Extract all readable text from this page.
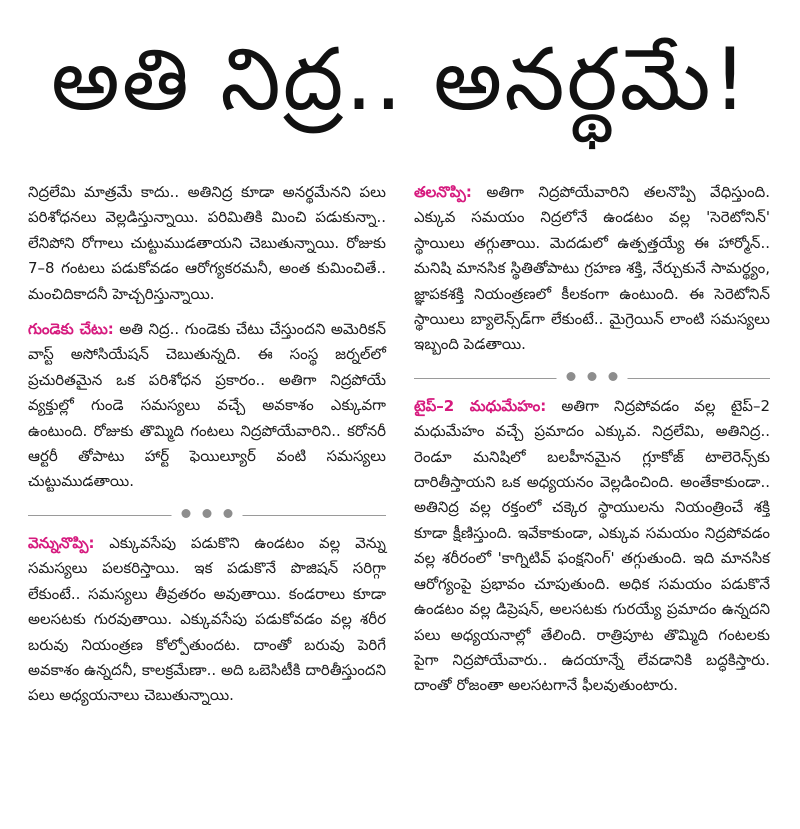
అతి నిద్ర.. అనర్థమే!

నిద్రలేమి మాత్రమే కాదు.. అతినిద్ర కూడా అనర్థమేనని పలు పరిశోధనలు వెల్లడిస్తున్నాయి. పరిమితికి మించి పడుకున్నా.. లేనిపోని రోగాలు చుట్టుముడతాయని చెబుతున్నాయి. రోజుకు 7–8 గంటలు పడుకోవడం ఆరోగ్యకరమనీ, అంత కుమించితే.. మంచిదికాదనీ హెచ్చరిస్తున్నాయి.

గుండెకు చేటు: అతి నిద్ర.. గుండెకు చేటు చేస్తుందని అమెరికన్ వాస్ట్ అసోసియేషన్ చెబుతున్నది. ఈ సంస్థ జర్నల్‌లో ప్రచురితమైన ఒక పరిశోధన ప్రకారం.. అతిగా నిద్రపోయే వ్యక్తుల్లో గుండె సమస్యలు వచ్చే అవకాశం ఎక్కువగా ఉంటుంది. రోజుకు తొమ్మిది గంటలు నిద్రపోయేవారిని.. కరోనరీ ఆర్టరీ తోపాటు హార్ట్ ఫెయిల్యూర్ వంటి సమస్యలు చుట్టుముడతాయి.

వెన్నునొప్పి: ఎక్కువసేపు పడుకొని ఉండటం వల్ల వెన్ను సమస్యలు పలకరిస్తాయి. ఇక పడుకొనే పొజిషన్ సరిగ్గా లేకుంటే.. సమస్యలు తీవ్రతరం అవుతాయి. కండరాలు కూడా అలసటకు గురవుతాయి. ఎక్కువసేపు పడుకోవడం వల్ల శరీర బరువు నియంత్రణ కోల్పోతుందట. దాంతో బరువు పెరిగే అవకాశం ఉన్నదనీ, కాలక్రమేణా.. అది ఒబెసిటీకి దారితీస్తుందని పలు అధ్యయనాలు చెబుతున్నాయి.

తలనొప్పి: అతిగా నిద్రపోయేవారిని తలనొప్పి వేధిస్తుంది. ఎక్కువ సమయం నిద్రలోనే ఉండటం వల్ల 'సెరెటోనిన్' స్థాయిలు తగ్గుతాయి. మెదడులో ఉత్పత్తయ్యే ఈ హార్మోన్.. మనిషి మానసిక స్థితితోపాటు గ్రహణ శక్తి, నేర్చుకునే సామర్థ్యం, జ్ఞాపకశక్తి నియంత్రణలో కీలకంగా ఉంటుంది. ఈ సెరెటోనిన్ స్థాయిలు బ్యాలెన్స్‌డ్‌గా లేకుంటే.. మైగ్రెయిన్ లాంటి సమస్యలు ఇబ్బంది పెడతాయి.

టైప్–2 మధుమేహం: అతిగా నిద్రపోవడం వల్ల టైప్–2 మధుమేహం వచ్చే ప్రమాదం ఎక్కువ. నిద్రలేమి, అతినిద్ర.. రెండూ మనిషిలో బలహీనమైన గ్లూకోజ్ టాలెరెన్స్‌కు దారితీస్తాయని ఒక అధ్యయనం వెల్లడించింది. అంతేకాకుండా.. అతినిద్ర వల్ల రక్తంలో చక్కెర స్థాయులను నియంత్రించే శక్తి కూడా క్షీణిస్తుంది. ఇవేకాకుండా, ఎక్కువ సమయం నిద్రపోవడం వల్ల శరీరంలో 'కాగ్నిటివ్ ఫంక్షనింగ్' తగ్గుతుంది. ఇది మానసిక ఆరోగ్యంపై ప్రభావం చూపుతుంది. అధిక సమయం పడుకొనే ఉండటం వల్ల డిప్రెషన్, అలసటకు గురయ్యే ప్రమాదం ఉన్నదని పలు అధ్యయనాల్లో తేలింది. రాత్రిపూట తొమ్మిది గంటలకు పైగా నిద్రపోయేవారు.. ఉదయాన్నే లేవడానికి బద్ధకిస్తారు. దాంతో రోజంతా అలసటగానే ఫీలవుతుంటారు.
